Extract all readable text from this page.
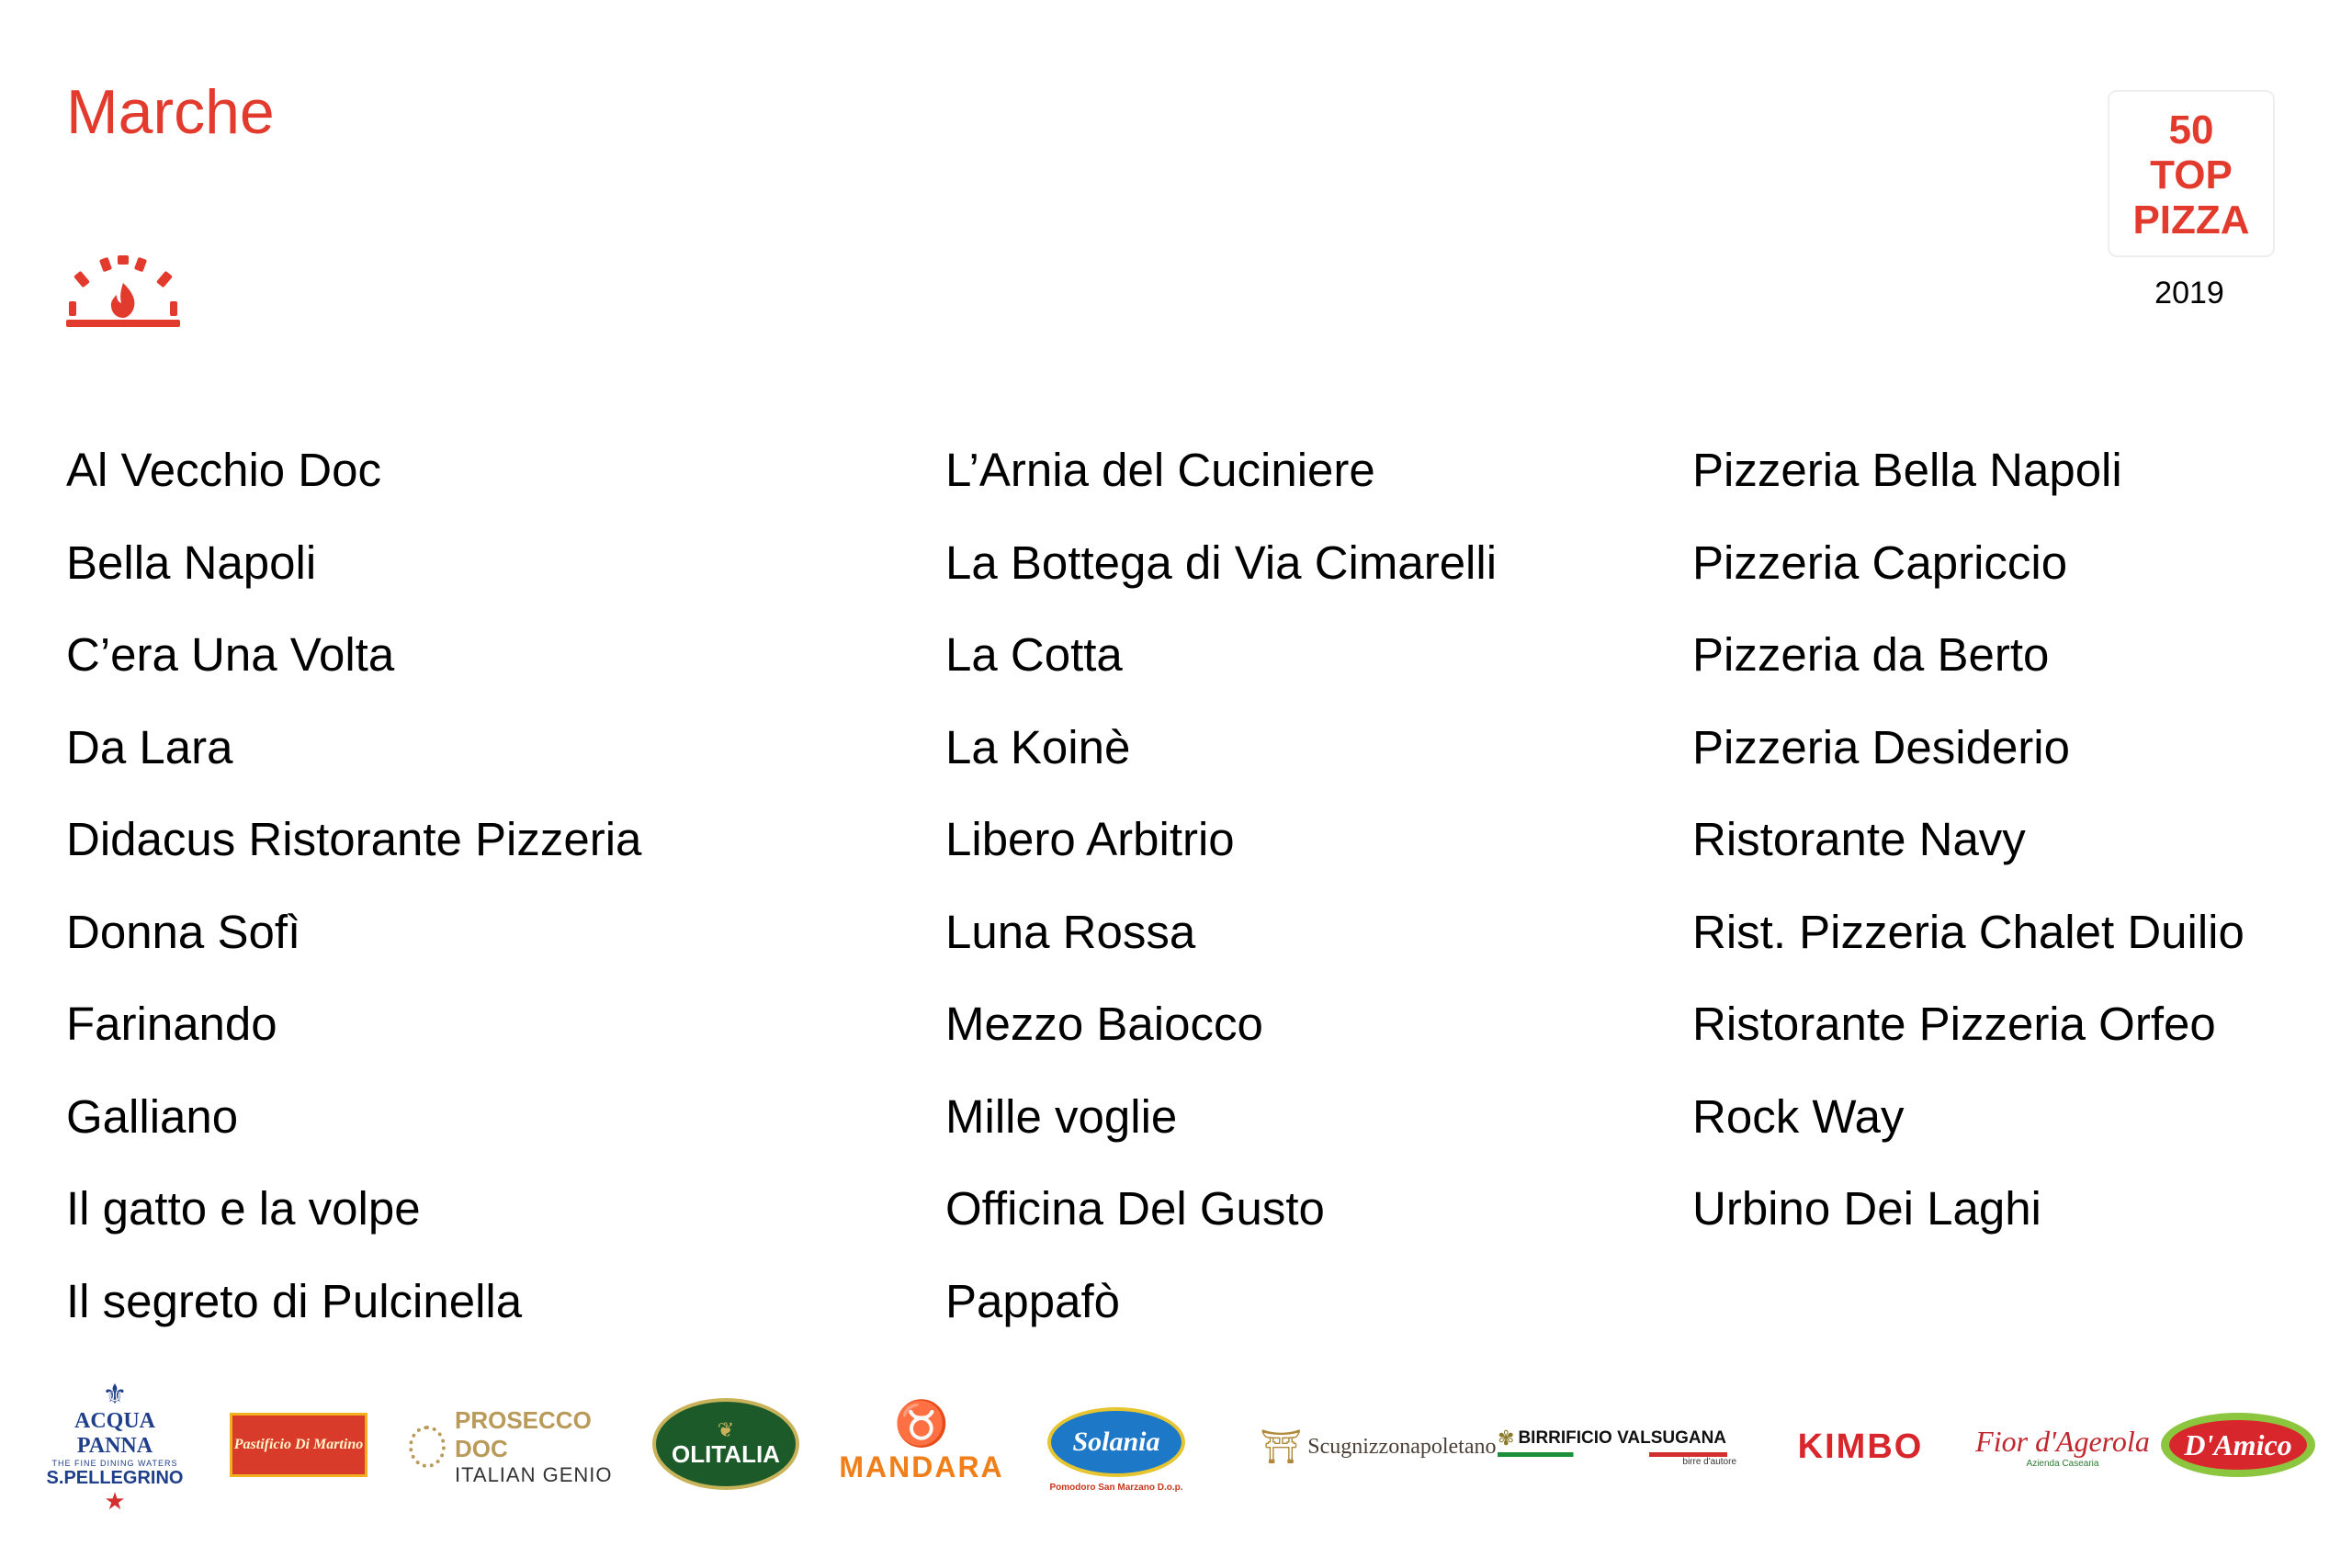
Marche	50
TOP
PIZZA
2019
Al Vecchio Doc
Bella Napoli
C’era Una Volta
Da Lara
Didacus Ristorante Pizzeria
Donna Sofì
Farinando
Galliano
Il gatto e la volpe
Il segreto di Pulcinella
L’Arnia del Cuciniere
La Bottega di Via Cimarelli
La Cotta
La Koinè
Libero Arbitrio
Luna Rossa
Mezzo Baiocco
Mille voglie
Officina Del Gusto
Pappafò
Pizzeria Bella Napoli
Pizzeria Capriccio
Pizzeria da Berto
Pizzeria Desiderio
Ristorante Navy
Rist. Pizzeria Chalet Duilio
Ristorante Pizzeria Orfeo
Rock Way
Urbino Dei Laghi
⚜
ACQUA PANNA
THE FINE DINING WATERS
S.PELLEGRINO
★
Pastificio Di Martino
PROSECCO DOC
ITALIAN GENIO
❦
OLITALIA
♉
MANDARA
Solania
Pomodoro San Marzano D.o.p.
⛩ Scugnizzonapoletano ✾ BIRRIFICIO VALSUGANA
birre d'autore KIMBO Fior d'Agerola
Azienda Casearia
D'Amico
